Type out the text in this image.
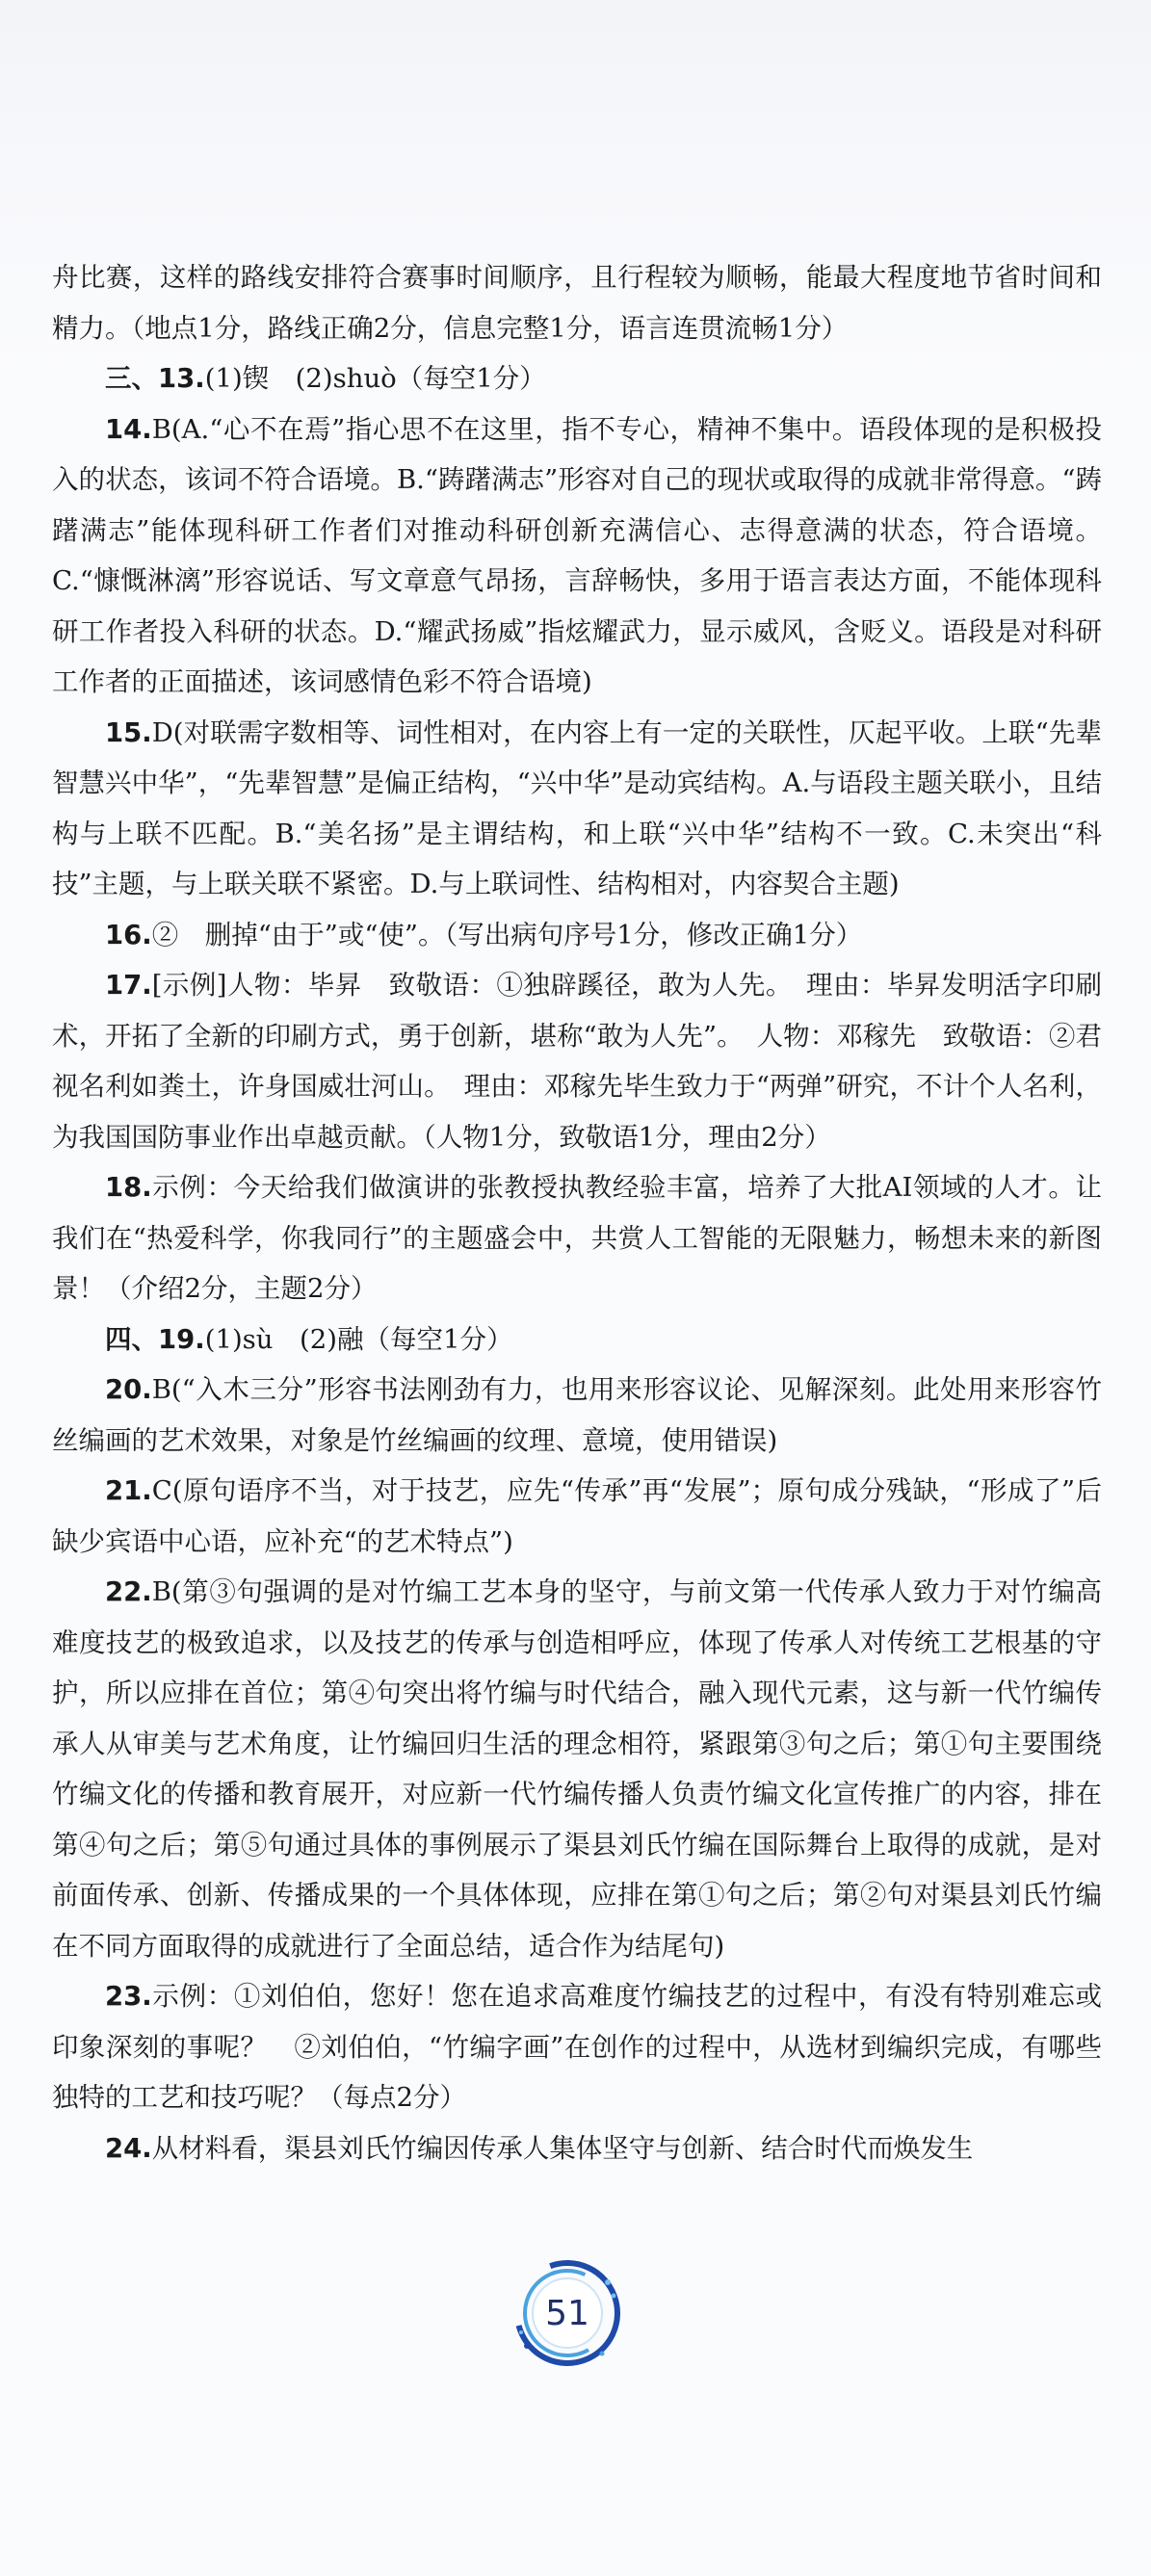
舟比赛，这样的路线安排符合赛事时间顺序，且行程较为顺畅，能最大程度地节省时间和精力。（地点1分，路线正确2分，信息完整1分，语言连贯流畅1分）

三、13.(1)锲　(2)shuò（每空1分）

14.B(A.“心不在焉”指心思不在这里，指不专心，精神不集中。语段体现的是积极投入的状态，该词不符合语境。B.“踌躇满志”形容对自己的现状或取得的成就非常得意。“踌躇满志”能体现科研工作者们对推动科研创新充满信心、志得意满的状态，符合语境。C.“慷慨淋漓”形容说话、写文章意气昂扬，言辞畅快，多用于语言表达方面，不能体现科研工作者投入科研的状态。D.“耀武扬威”指炫耀武力，显示威风，含贬义。语段是对科研工作者的正面描述，该词感情色彩不符合语境)

15.D(对联需字数相等、词性相对，在内容上有一定的关联性，仄起平收。上联“先辈智慧兴中华”，“先辈智慧”是偏正结构，“兴中华”是动宾结构。A.与语段主题关联小，且结构与上联不匹配。B.“美名扬”是主谓结构，和上联“兴中华”结构不一致。C.未突出“科技”主题，与上联关联不紧密。D.与上联词性、结构相对，内容契合主题)

16.②　删掉“由于”或“使”。（写出病句序号1分，修改正确1分）

17.[示例]人物：毕昇　致敬语：①独辟蹊径，敢为人先。　理由：毕昇发明活字印刷术，开拓了全新的印刷方式，勇于创新，堪称“敢为人先”。　人物：邓稼先　致敬语：②君视名利如粪土，许身国威壮河山。　理由：邓稼先毕生致力于“两弹”研究，不计个人名利，为我国国防事业作出卓越贡献。（人物1分，致敬语1分，理由2分）

18.示例：今天给我们做演讲的张教授执教经验丰富，培养了大批AI领域的人才。让我们在“热爱科学，你我同行”的主题盛会中，共赏人工智能的无限魅力，畅想未来的新图景！（介绍2分，主题2分）

四、19.(1)sù　(2)融（每空1分）

20.B(“入木三分”形容书法刚劲有力，也用来形容议论、见解深刻。此处用来形容竹丝编画的艺术效果，对象是竹丝编画的纹理、意境，使用错误)

21.C(原句语序不当，对于技艺，应先“传承”再“发展”；原句成分残缺，“形成了”后缺少宾语中心语，应补充“的艺术特点”)

22.B(第③句强调的是对竹编工艺本身的坚守，与前文第一代传承人致力于对竹编高难度技艺的极致追求，以及技艺的传承与创造相呼应，体现了传承人对传统工艺根基的守护，所以应排在首位；第④句突出将竹编与时代结合，融入现代元素，这与新一代竹编传承人从审美与艺术角度，让竹编回归生活的理念相符，紧跟第③句之后；第①句主要围绕竹编文化的传播和教育展开，对应新一代竹编传播人负责竹编文化宣传推广的内容，排在第④句之后；第⑤句通过具体的事例展示了渠县刘氏竹编在国际舞台上取得的成就，是对前面传承、创新、传播成果的一个具体体现，应排在第①句之后；第②句对渠县刘氏竹编在不同方面取得的成就进行了全面总结，适合作为结尾句)

23.示例：①刘伯伯，您好！您在追求高难度竹编技艺的过程中，有没有特别难忘或印象深刻的事呢？　②刘伯伯，“竹编字画”在创作的过程中，从选材到编织完成，有哪些独特的工艺和技巧呢？（每点2分）

24.从材料看，渠县刘氏竹编因传承人集体坚守与创新、结合时代而焕发生

51
